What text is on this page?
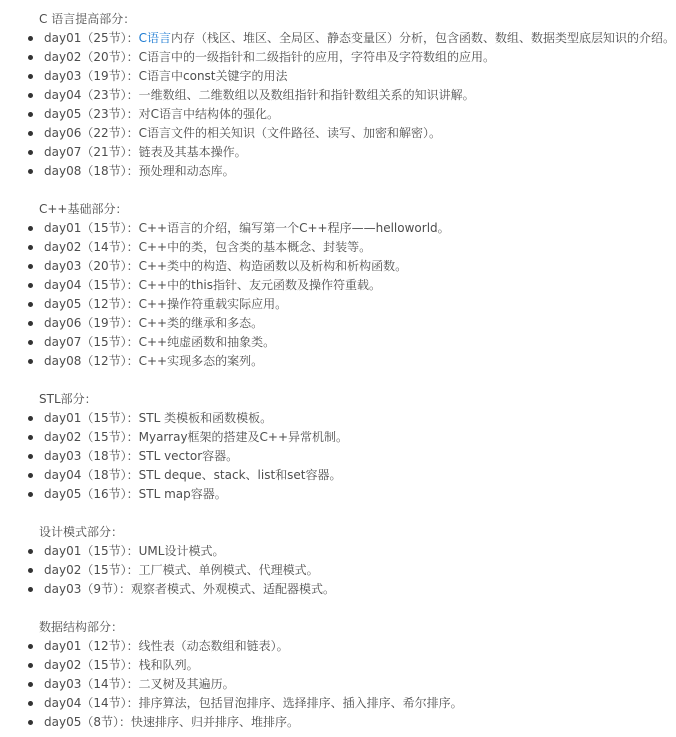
C 语言提高部分：
day01（25节）：C语言内存（栈区、堆区、全局区、静态变量区）分析，包含函数、数组、数据类型底层知识的介绍。
day02（20节）：C语言中的一级指针和二级指针的应用，字符串及字符数组的应用。
day03（19节）：C语言中const关键字的用法
day04（23节）：一维数组、二维数组以及数组指针和指针数组关系的知识讲解。
day05（23节）：对C语言中结构体的强化。
day06（22节）：C语言文件的相关知识（文件路径、读写、加密和解密）。
day07（21节）：链表及其基本操作。
day08（18节）：预处理和动态库。
C++基础部分：
day01（15节）：C++语言的介绍，编写第一个C++程序——helloworld。
day02（14节）：C++中的类，包含类的基本概念、封装等。
day03（20节）：C++类中的构造、构造函数以及析构和析构函数。
day04（15节）：C++中的this指针、友元函数及操作符重载。
day05（12节）：C++操作符重载实际应用。
day06（19节）：C++类的继承和多态。
day07（15节）：C++纯虚函数和抽象类。
day08（12节）：C++实现多态的案列。
STL部分：
day01（15节）：STL 类模板和函数模板。
day02（15节）：Myarray框架的搭建及C++异常机制。
day03（18节）：STL vector容器。
day04（18节）：STL deque、stack、list和set容器。
day05（16节）：STL map容器。
设计模式部分：
day01（15节）：UML设计模式。
day02（15节）：工厂模式、单例模式、代理模式。
day03（9节）：观察者模式、外观模式、适配器模式。
数据结构部分：
day01（12节）：线性表（动态数组和链表）。
day02（15节）：栈和队列。
day03（14节）：二叉树及其遍历。
day04（14节）：排序算法，包括冒泡排序、选择排序、插入排序、希尔排序。
day05（8节）：快速排序、归并排序、堆排序。
